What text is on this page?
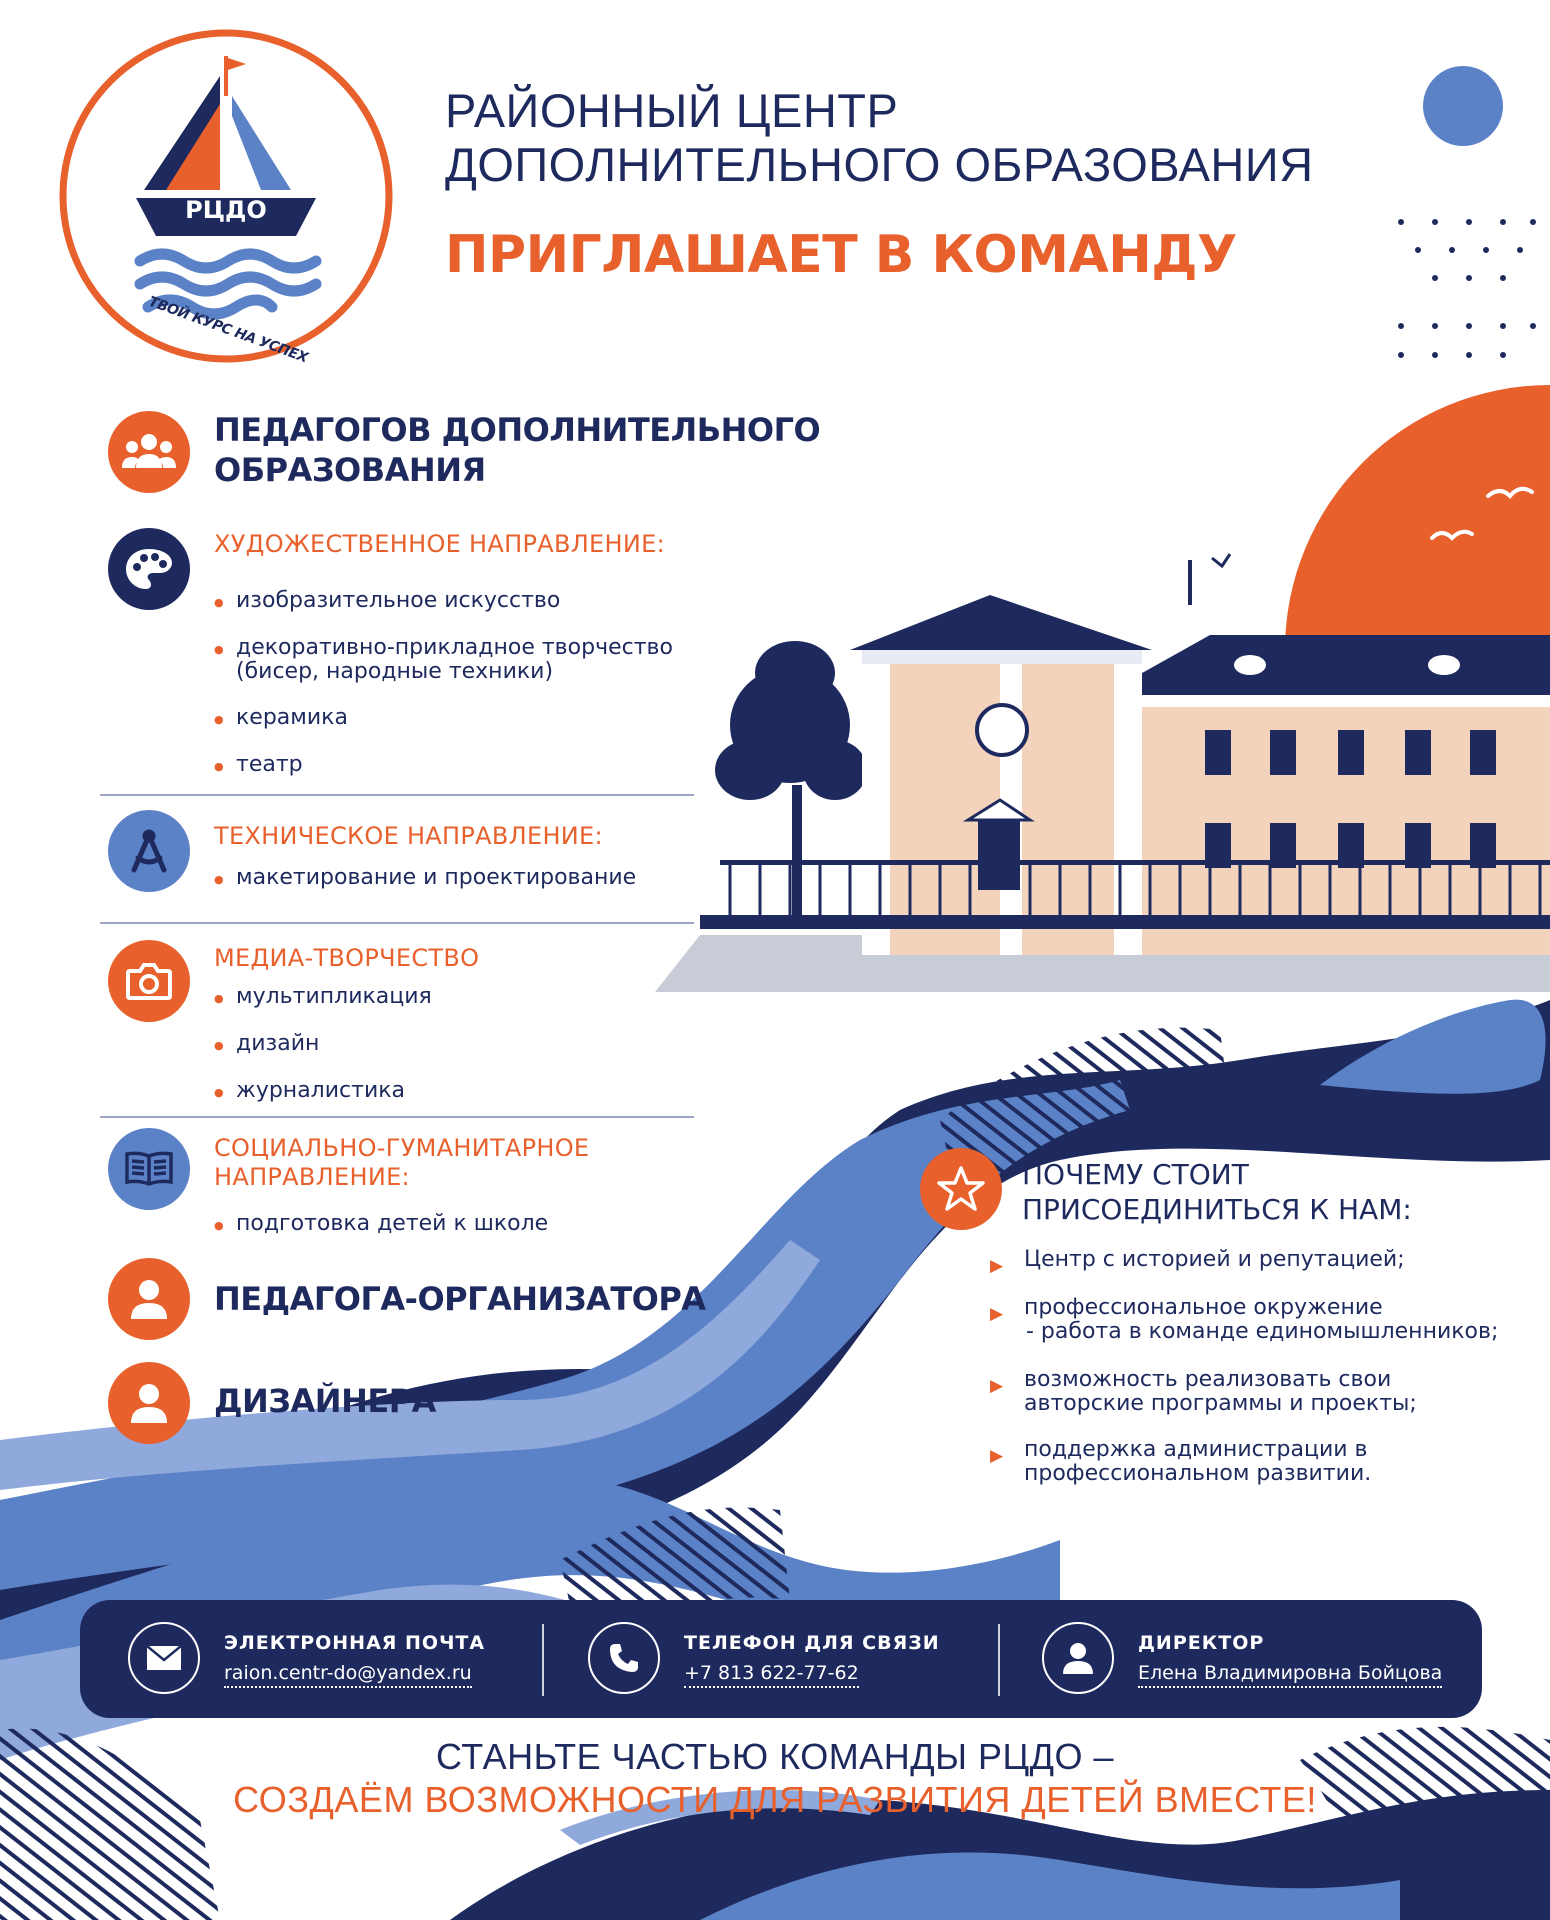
РЦДО
ТВОЙ КУРС НА УСПЕХ
РАЙОННЫЙ ЦЕНТР
ДОПОЛНИТЕЛЬНОГО ОБРАЗОВАНИЯ
ПРИГЛАШАЕТ В КОМАНДУ
ПЕДАГОГОВ ДОПОЛНИТЕЛЬНОГО
ОБРАЗОВАНИЯ
ХУДОЖЕСТВЕННОЕ НАПРАВЛЕНИЕ:
● изобразительное искусство
● декоративно-прикладное творчество
(бисер, народные техники)
● керамика
● театр
ТЕХНИЧЕСКОЕ НАПРАВЛЕНИЕ:
● макетирование и проектирование
МЕДИА-ТВОРЧЕСТВО
● мультипликация
● дизайн
● журналистика
СОЦИАЛЬНО-ГУМАНИТАРНОЕ
НАПРАВЛЕНИЕ:
● подготовка детей к школе
ПЕДАГОГА-ОРГАНИЗАТОРА
ДИЗАЙНЕРА
ПОЧЕМУ СТОИТ
ПРИСОЕДИНИТЬСЯ К НАМ:
▶ Центр с историей и репутацией;
▶ профессиональное окружение
- работа в команде единомышленников;
▶ возможность реализовать свои
авторские программы и проекты;
▶ поддержка администрации в
профессиональном развитии.
ЭЛЕКТРОННАЯ ПОЧТА
raion.centr-do@yandex.ru
ТЕЛЕФОН ДЛЯ СВЯЗИ
+7 813 622-77-62
ДИРЕКТОР
Елена Владимировна Бойцова
СТАНЬТЕ ЧАСТЬЮ КОМАНДЫ РЦДО –
СОЗДАЁМ ВОЗМОЖНОСТИ ДЛЯ РАЗВИТИЯ ДЕТЕЙ ВМЕСТЕ!
